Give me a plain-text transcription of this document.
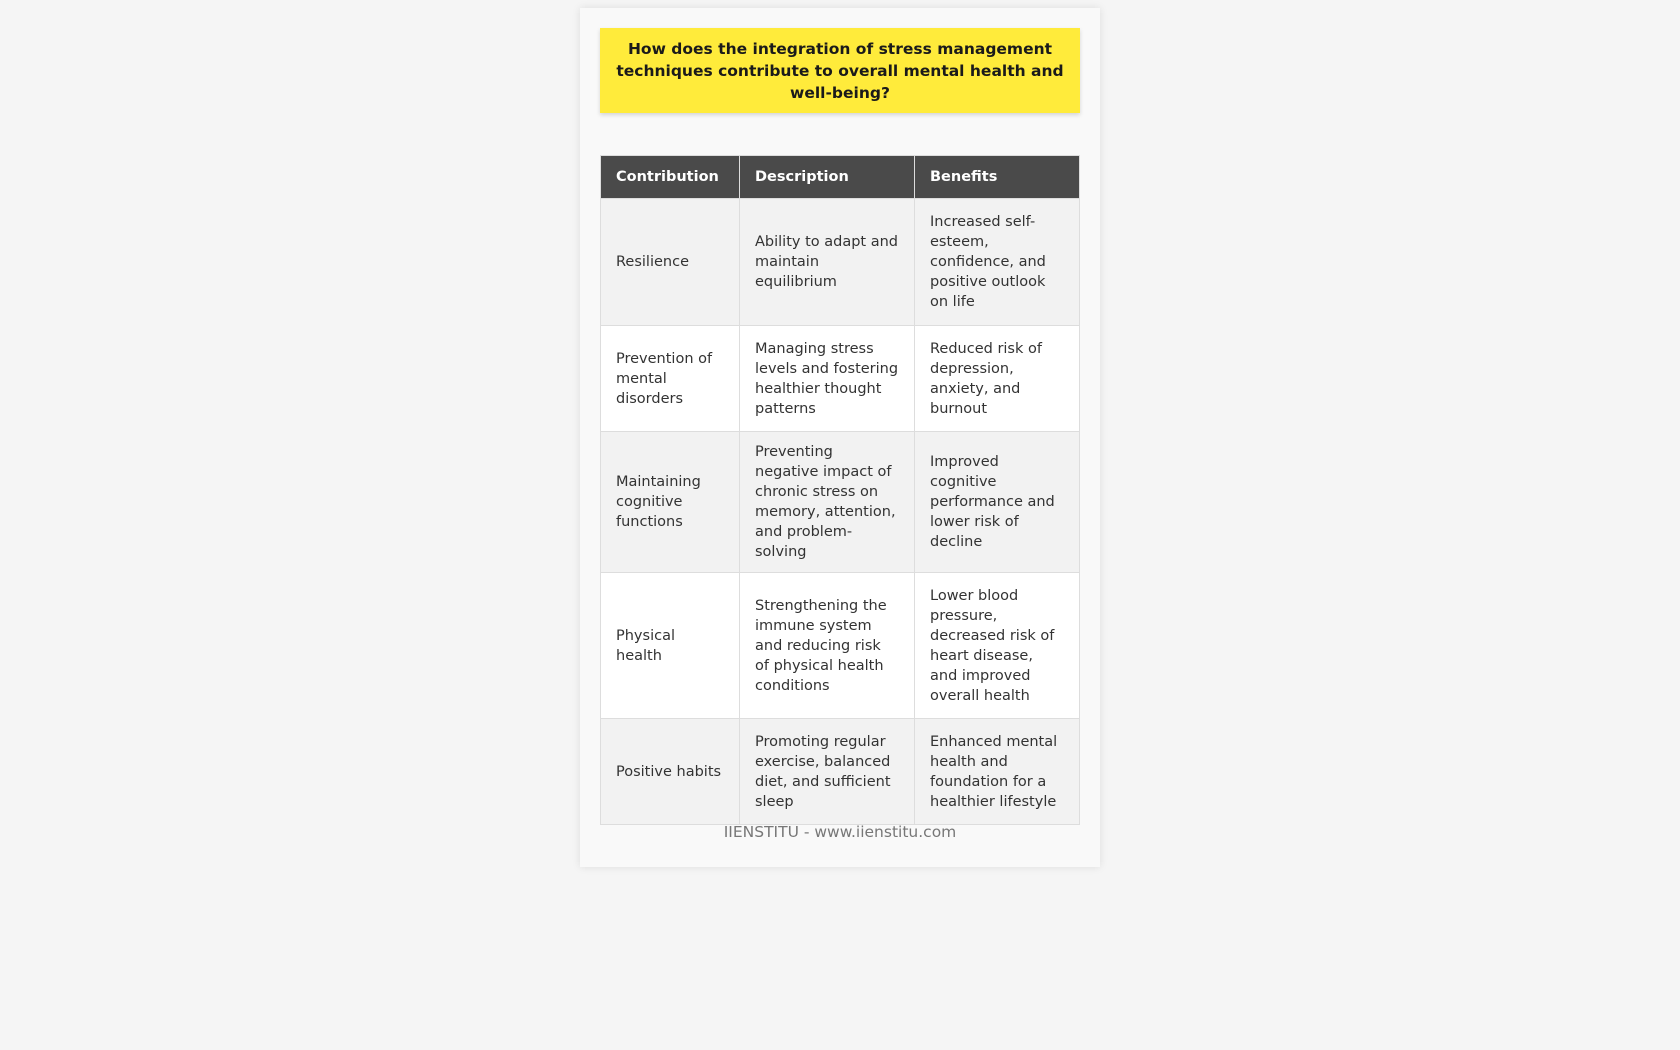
How does the integration of stress management techniques contribute to overall mental health and well-being?
Contribution	Description	Benefits
Resilience	Ability to adapt and maintain equilibrium	Increased self-esteem, confidence, and positive outlook on life
Prevention of mental disorders	Managing stress levels and fostering healthier thought patterns	Reduced risk of depression, anxiety, and burnout
Maintaining cognitive functions	Preventing negative impact of chronic stress on memory, attention, and problem-solving	Improved cognitive performance and lower risk of decline
Physical health	Strengthening the immune system and reducing risk of physical health conditions	Lower blood pressure, decreased risk of heart disease, and improved overall health
Positive habits	Promoting regular exercise, balanced diet, and sufficient sleep	Enhanced mental health and foundation for a healthier lifestyle
IIENSTITU - www.iienstitu.com
